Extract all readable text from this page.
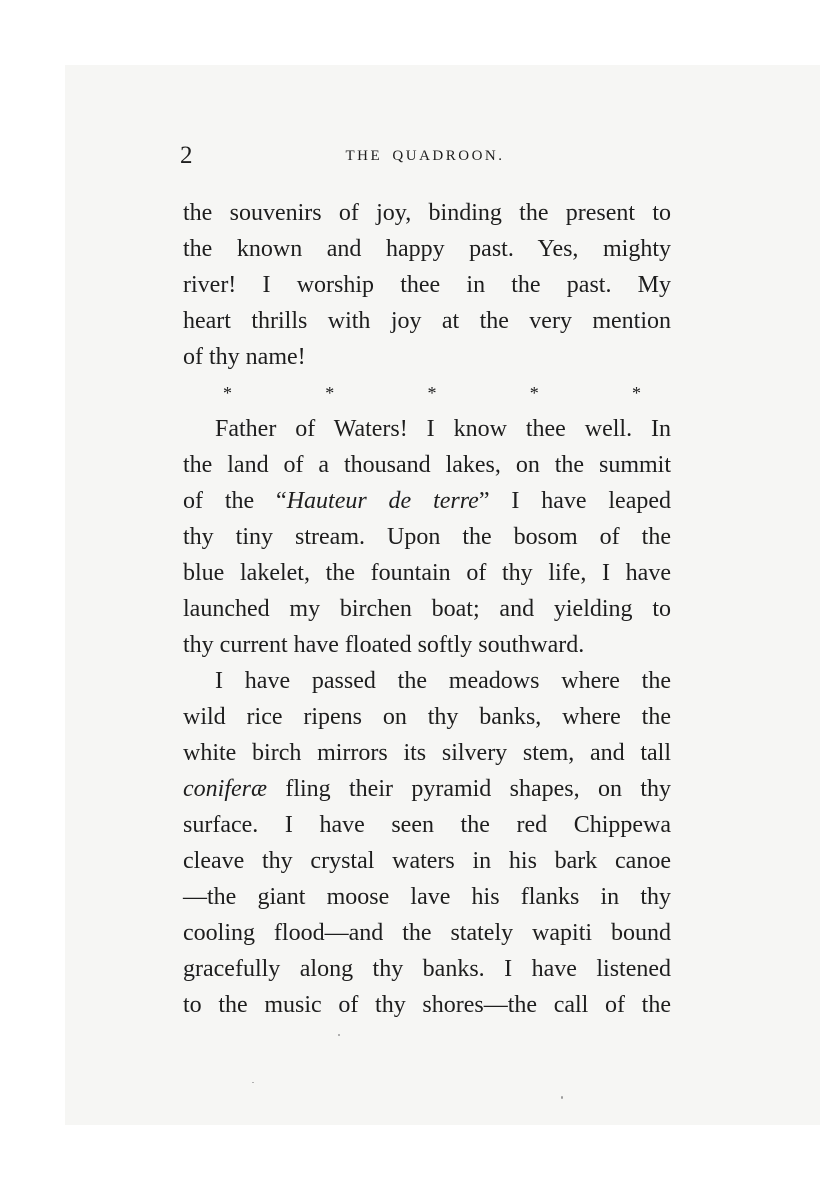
2	THE QUADROON.
the souvenirs of joy, binding the present to
the known and happy past. Yes, mighty
river! I worship thee in the past. My
heart thrills with joy at the very mention
of thy name!
*	*	*	*	*
Father of Waters! I know thee well. In
the land of a thousand lakes, on the summit
of the “Hauteur de terre” I have leaped
thy tiny stream. Upon the bosom of the
blue lakelet, the fountain of thy life, I have
launched my birchen boat; and yielding to
thy current have floated softly southward.
I have passed the meadows where the
wild rice ripens on thy banks, where the
white birch mirrors its silvery stem, and tall
coniferæ fling their pyramid shapes, on thy
surface. I have seen the red Chippewa
cleave thy crystal waters in his bark canoe
—the giant moose lave his flanks in thy
cooling flood—and the stately wapiti bound
gracefully along thy banks. I have listened
to the music of thy shores—the call of the
